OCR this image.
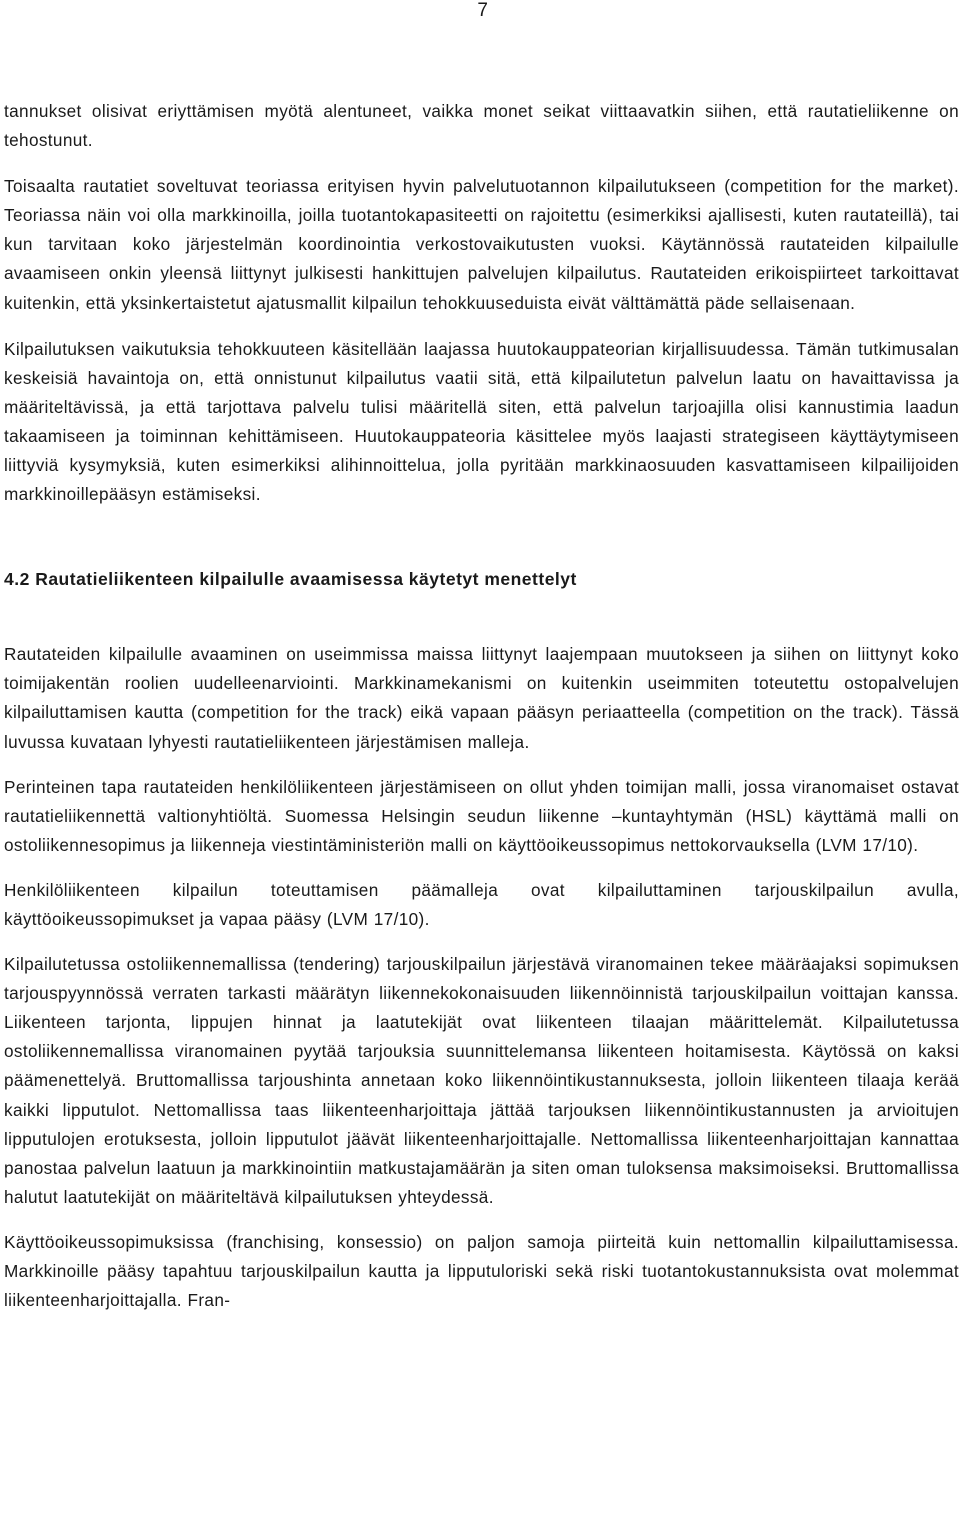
7

tannukset olisivat eriyttämisen myötä alentuneet, vaikka monet seikat viittaavatkin siihen, että rautatieliikenne on tehostunut.

Toisaalta rautatiet soveltuvat teoriassa erityisen hyvin palvelutuotannon kilpailutukseen (competition for the market). Teoriassa näin voi olla markkinoilla, joilla tuotantokapasiteetti on rajoitettu (esimerkiksi ajallisesti, kuten rautateillä), tai kun tarvitaan koko järjestelmän koordinointia verkostovaikutusten vuoksi. Käytännössä rautateiden kilpailulle avaamiseen onkin yleensä liittynyt julkisesti hankittujen palvelujen kilpailutus. Rautateiden erikoispiirteet tarkoittavat kuitenkin, että yksinkertaistetut ajatusmallit kilpailun tehokkuuseduista eivät välttämättä päde sellaisenaan.

Kilpailutuksen vaikutuksia tehokkuuteen käsitellään laajassa huutokauppateorian kirjallisuudessa. Tämän tutkimusalan keskeisiä havaintoja on, että onnistunut kilpailutus vaatii sitä, että kilpailutetun palvelun laatu on havaittavissa ja määriteltävissä, ja että tarjottava palvelu tulisi määritellä siten, että palvelun tarjoajilla olisi kannustimia laadun takaamiseen ja toiminnan kehittämiseen. Huutokauppateoria käsittelee myös laajasti strategiseen käyttäytymiseen liittyviä kysymyksiä, kuten esimerkiksi alihinnoittelua, jolla pyritään markkinaosuuden kasvattamiseen kilpailijoiden markkinoillepääsyn estämiseksi.

4.2 Rautatieliikenteen kilpailulle avaamisessa käytetyt menettelyt

Rautateiden kilpailulle avaaminen on useimmissa maissa liittynyt laajempaan muutokseen ja siihen on liittynyt koko toimijakentän roolien uudelleenarviointi. Markkinamekanismi on kuitenkin useimmiten toteutettu ostopalvelujen kilpailuttamisen kautta (competition for the track) eikä vapaan pääsyn periaatteella (competition on the track). Tässä luvussa kuvataan lyhyesti rautatieliikenteen järjestämisen malleja.

Perinteinen tapa rautateiden henkilöliikenteen järjestämiseen on ollut yhden toimijan malli, jossa viranomaiset ostavat rautatieliikennettä valtionyhtiöltä. Suomessa Helsingin seudun liikenne –kuntayhtymän (HSL) käyttämä malli on ostoliikennesopimus ja liikenneja viestintäministeriön malli on käyttöoikeussopimus nettokorvauksella (LVM 17/10).

Henkilöliikenteen kilpailun toteuttamisen päämalleja ovat kilpailuttaminen tarjouskilpailun avulla, käyttöoikeussopimukset ja vapaa pääsy (LVM 17/10).

Kilpailutetussa ostoliikennemallissa (tendering) tarjouskilpailun järjestävä viranomainen tekee määräajaksi sopimuksen tarjouspyynnössä verraten tarkasti määrätyn liikennekokonaisuuden liikennöinnistä tarjouskilpailun voittajan kanssa. Liikenteen tarjonta, lippujen hinnat ja laatutekijät ovat liikenteen tilaajan määrittelemät. Kilpailutetussa ostoliikennemallissa viranomainen pyytää tarjouksia suunnittelemansa liikenteen hoitamisesta. Käytössä on kaksi päämenettelyä. Bruttomallissa tarjoushinta annetaan koko liikennöintikustannuksesta, jolloin liikenteen tilaaja kerää kaikki lipputulot. Nettomallissa taas liikenteenharjoittaja jättää tarjouksen liikennöintikustannusten ja arvioitujen lipputulojen erotuksesta, jolloin lipputulot jäävät liikenteenharjoittajalle. Nettomallissa liikenteenharjoittajan kannattaa panostaa palvelun laatuun ja markkinointiin matkustajamäärän ja siten oman tuloksensa maksimoiseksi. Bruttomallissa halutut laatutekijät on määriteltävä kilpailutuksen yhteydessä.

Käyttöoikeussopimuksissa (franchising, konsessio) on paljon samoja piirteitä kuin nettomallin kilpailuttamisessa. Markkinoille pääsy tapahtuu tarjouskilpailun kautta ja lipputuloriski sekä riski tuotantokustannuksista ovat molemmat liikenteenharjoittajalla. Fran-
